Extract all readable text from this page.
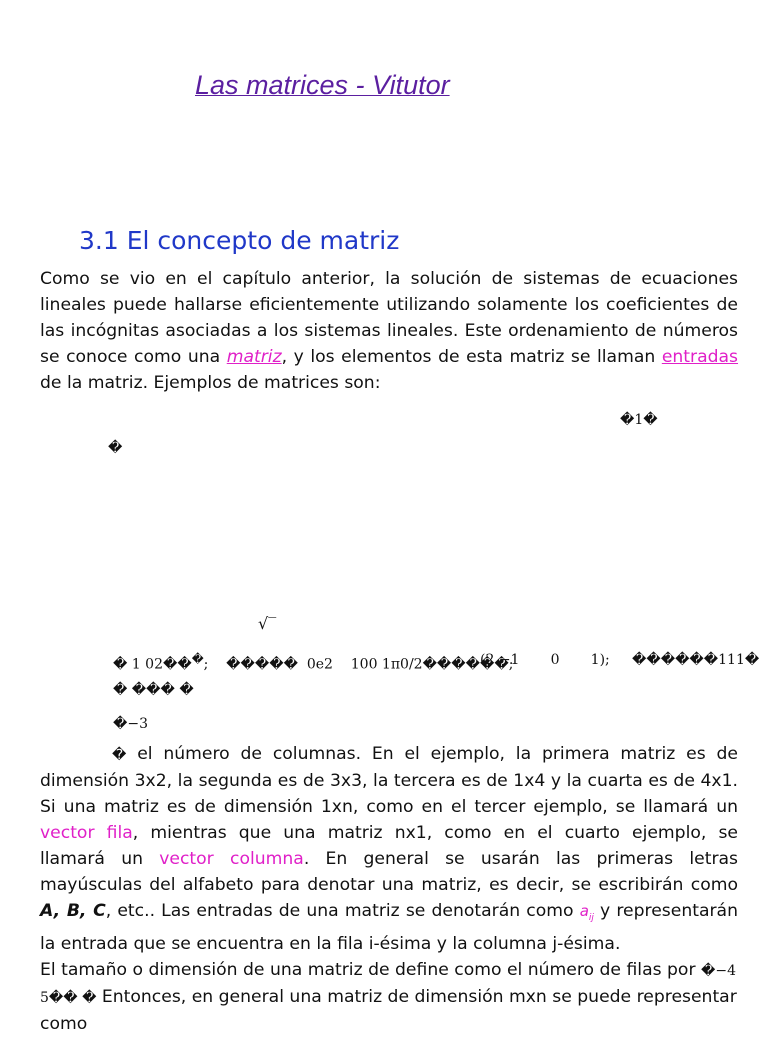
Las matrices - Vitutor
3.1 El concepto de matriz
Como se vio en el capítulo anterior, la solución de sistemas de ecuaciones lineales puede hallarse eficientemente utilizando solamente los coeficientes de las incógnitas asociadas a los sistemas lineales. Este ordenamiento de números se conoce como una matriz, y los elementos de esta matriz se llaman entradas de la matriz. Ejemplos de matrices son:
�1�
�
√‾
� 1 02���;    �����  0e2    100 1π0/2������;
(2 −1       0       1); ������111�
� ��� �
�−3
� el número de columnas. En el ejemplo, la primera matriz es de
dimensión 3x2, la segunda es de 3x3, la tercera es de 1x4 y la cuarta es de 4x1.
Si una matriz es de dimensión 1xn, como en el tercer ejemplo, se llamará un
vector fila, mientras que una matriz nx1, como en el cuarto ejemplo, se
llamará un vector columna. En general se usarán las primeras letras
mayúsculas del alfabeto para denotar una matriz, es decir, se escribirán como
A, B, C, etc.. Las entradas de una matriz se denotarán como $a_{ij}$ y representarán
la entrada que se encuentra en la fila i-ésima y la columna j-ésima.
El tamaño o dimensión de una matriz de define como el número de filas por �−4
5�� � Entonces, en general una matriz de dimensión mxn se puede representar
como
